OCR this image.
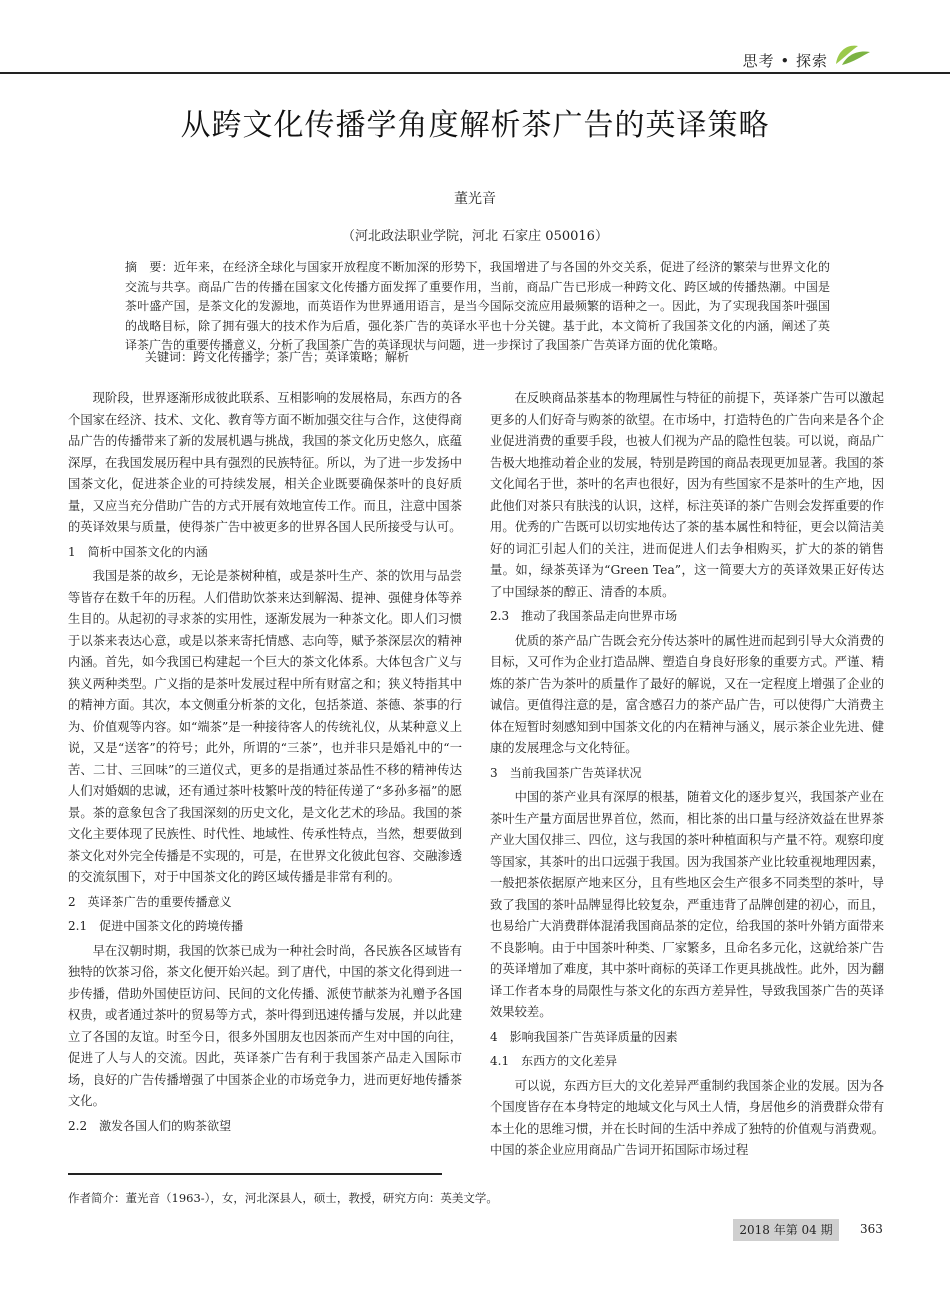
思考 • 探索
从跨文化传播学角度解析茶广告的英译策略
董光音
（河北政法职业学院，河北 石家庄 050016）
摘　要：近年来，在经济全球化与国家开放程度不断加深的形势下，我国增进了与各国的外交关系，促进了经济的繁荣与世界文化的交流与共享。商品广告的传播在国家文化传播方面发挥了重要作用，当前，商品广告已形成一种跨文化、跨区域的传播热潮。中国是茶叶盛产国，是茶文化的发源地，而英语作为世界通用语言，是当今国际交流应用最频繁的语种之一。因此，为了实现我国茶叶强国的战略目标，除了拥有强大的技术作为后盾，强化茶广告的英译水平也十分关键。基于此，本文简析了我国茶文化的内涵，阐述了英译茶广告的重要传播意义，分析了我国茶广告的英译现状与问题，进一步探讨了我国茶广告英译方面的优化策略。
关键词：跨文化传播学；茶广告；英译策略；解析

现阶段，世界逐渐形成彼此联系、互相影响的发展格局，东西方的各个国家在经济、技术、文化、教育等方面不断加强交往与合作，这使得商品广告的传播带来了新的发展机遇与挑战，我国的茶文化历史悠久，底蕴深厚，在我国发展历程中具有强烈的民族特征。所以，为了进一步发扬中国茶文化，促进茶企业的可持续发展，相关企业既要确保茶叶的良好质量，又应当充分借助广告的方式开展有效地宣传工作。而且，注意中国茶的英译效果与质量，使得茶广告中被更多的世界各国人民所接受与认可。

1　简析中国茶文化的内涵

我国是茶的故乡，无论是茶树种植，或是茶叶生产、茶的饮用与品尝等皆存在数千年的历程。人们借助饮茶来达到解渴、提神、强健身体等养生目的。从起初的寻求茶的实用性，逐渐发展为一种茶文化。即人们习惯于以茶来表达心意，或是以茶来寄托情感、志向等，赋予茶深层次的精神内涵。首先，如今我国已构建起一个巨大的茶文化体系。大体包含广义与狭义两种类型。广义指的是茶叶发展过程中所有财富之和；狭义特指其中的精神方面。其次，本文侧重分析茶的文化，包括茶道、茶德、茶事的行为、价值观等内容。如“端茶”是一种接待客人的传统礼仪，从某种意义上说，又是“送客”的符号；此外，所谓的“三茶”，也并非只是婚礼中的“一苦、二甘、三回味”的三道仪式，更多的是指通过茶品性不移的精神传达人们对婚姻的忠诚，还有通过茶叶枝繁叶茂的特征传递了“多孙多福”的愿景。茶的意象包含了我国深刻的历史文化，是文化艺术的珍品。我国的茶文化主要体现了民族性、时代性、地域性、传承性特点，当然，想要做到茶文化对外完全传播是不实现的，可是，在世界文化彼此包容、交融渗透的交流氛围下，对于中国茶文化的跨区域传播是非常有利的。

2　英译茶广告的重要传播意义

2.1　促进中国茶文化的跨境传播

早在汉朝时期，我国的饮茶已成为一种社会时尚，各民族各区域皆有独特的饮茶习俗，茶文化便开始兴起。到了唐代，中国的茶文化得到进一步传播，借助外国使臣访问、民间的文化传播、派使节献茶为礼赠予各国权贵，或者通过茶叶的贸易等方式，茶叶得到迅速传播与发展，并以此建立了各国的友谊。时至今日，很多外国朋友也因茶而产生对中国的向往，促进了人与人的交流。因此，英译茶广告有利于我国茶产品走入国际市场，良好的广告传播增强了中国茶企业的市场竞争力，进而更好地传播茶文化。

2.2　激发各国人们的购茶欲望

在反映商品茶基本的物理属性与特征的前提下，英译茶广告可以激起更多的人们好奇与购茶的欲望。在市场中，打造特色的广告向来是各个企业促进消费的重要手段，也被人们视为产品的隐性包装。可以说，商品广告极大地推动着企业的发展，特别是跨国的商品表现更加显著。我国的茶文化闻名于世，茶叶的名声也很好，因为有些国家不是茶叶的生产地，因此他们对茶只有肤浅的认识，这样，标注英译的茶广告则会发挥重要的作用。优秀的广告既可以切实地传达了茶的基本属性和特征，更会以简洁美好的词汇引起人们的关注，进而促进人们去争相购买，扩大的茶的销售量。如，绿茶英译为“Green Tea”，这一简要大方的英译效果正好传达了中国绿茶的醇正、清香的本质。

2.3　推动了我国茶品走向世界市场

优质的茶产品广告既会充分传达茶叶的属性进而起到引导大众消费的目标，又可作为企业打造品牌、塑造自身良好形象的重要方式。严谨、精炼的茶广告为茶叶的质量作了最好的解说，又在一定程度上增强了企业的诚信。更值得注意的是，富含感召力的茶产品广告，可以使得广大消费主体在短暂时刻感知到中国茶文化的内在精神与涵义，展示茶企业先进、健康的发展理念与文化特征。

3　当前我国茶广告英译状况

中国的茶产业具有深厚的根基，随着文化的逐步复兴，我国茶产业在茶叶生产量方面居世界首位，然而，相比茶的出口量与经济效益在世界茶产业大国仅排三、四位，这与我国的茶叶种植面积与产量不符。观察印度等国家，其茶叶的出口远强于我国。因为我国茶产业比较重视地理因素，一般把茶依据原产地来区分，且有些地区会生产很多不同类型的茶叶，导致了我国的茶叶品牌显得比较复杂，严重违背了品牌创建的初心，而且，也易给广大消费群体混淆我国商品茶的定位，给我国的茶叶外销方面带来不良影响。由于中国茶叶种类、厂家繁多，且命名多元化，这就给茶广告的英译增加了难度，其中茶叶商标的英译工作更具挑战性。此外，因为翻译工作者本身的局限性与茶文化的东西方差异性，导致我国茶广告的英译效果较差。

4　影响我国茶广告英译质量的因素

4.1　东西方的文化差异

可以说，东西方巨大的文化差异严重制约我国茶企业的发展。因为各个国度皆存在本身特定的地域文化与风土人情，身居他乡的消费群众带有本土化的思维习惯，并在长时间的生活中养成了独特的价值观与消费观。中国的茶企业应用商品广告词开拓国际市场过程

作者简介：董光音（1963-），女，河北深县人，硕士，教授，研究方向：英美文学。
2018 年第 04 期	363
